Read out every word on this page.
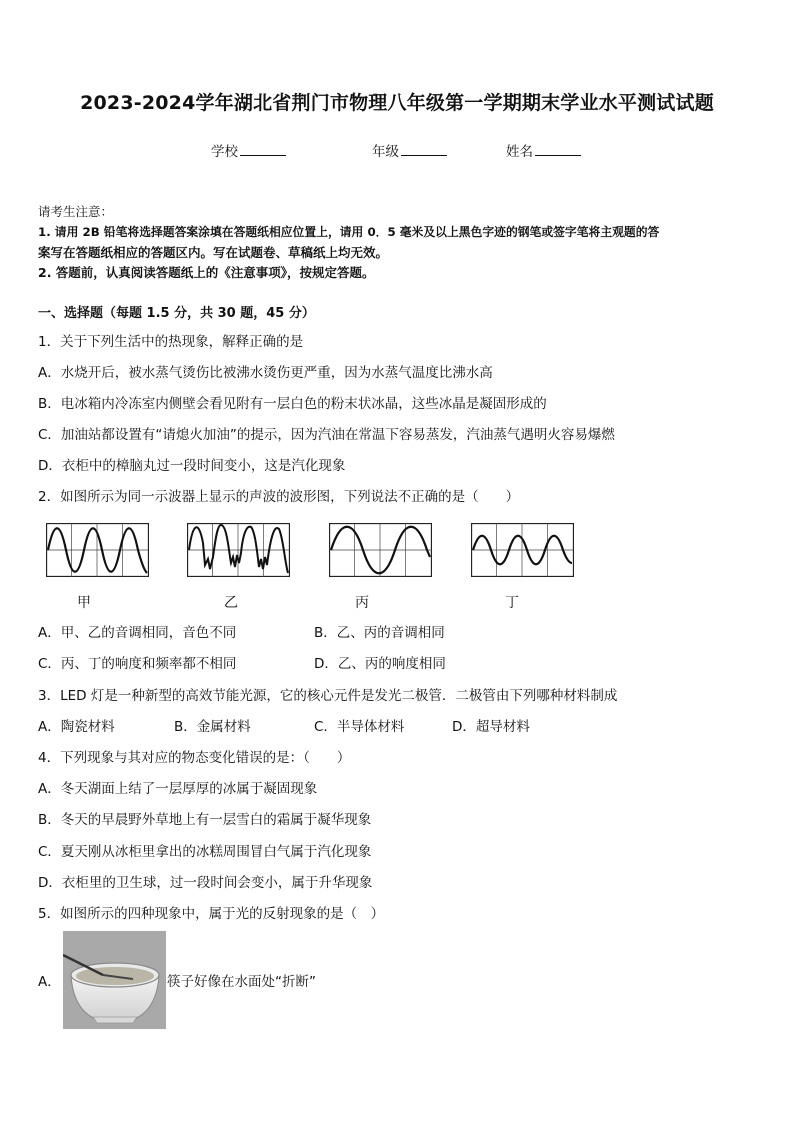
2023-2024学年湖北省荆门市物理八年级第一学期期末学业水平测试试题
学校	年级	姓名
请考生注意：
1. 请用 2B 铅笔将选择题答案涂填在答题纸相应位置上，请用 0．5 毫米及以上黑色字迹的钢笔或签字笔将主观题的答
案写在答题纸相应的答题区内。写在试题卷、草稿纸上均无效。
2. 答题前，认真阅读答题纸上的《注意事项》，按规定答题。
一、选择题（每题 1.5 分，共 30 题，45 分）
1．关于下列生活中的热现象，解释正确的是
A．水烧开后，被水蒸气烫伤比被沸水烫伤更严重，因为水蒸气温度比沸水高
B．电冰箱内冷冻室内侧壁会看见附有一层白色的粉末状冰晶，这些冰晶是凝固形成的
C．加油站都设置有“请熄火加油”的提示，因为汽油在常温下容易蒸发，汽油蒸气遇明火容易爆燃
D．衣柜中的樟脑丸过一段时间变小，这是汽化现象
2．如图所示为同一示波器上显示的声波的波形图，下列说法不正确的是（　　）
甲	乙	丙	丁
A．甲、乙的音调相同，音色不同	B．乙、丙的音调相同
C．丙、丁的响度和频率都不相同	D．乙、丙的响度相同
3．LED 灯是一种新型的高效节能光源，它的核心元件是发光二极管．二极管由下列哪种材料制成
A．陶瓷材料	B．金属材料	C．半导体材料	D．超导材料
4．下列现象与其对应的物态变化错误的是：（　　）
A．冬天湖面上结了一层厚厚的冰属于凝固现象
B．冬天的早晨野外草地上有一层雪白的霜属于凝华现象
C．夏天刚从冰柜里拿出的冰糕周围冒白气属于汽化现象
D．衣柜里的卫生球，过一段时间会变小，属于升华现象
5．如图所示的四种现象中，属于光的反射现象的是（　）
A．	筷子好像在水面处“折断”
